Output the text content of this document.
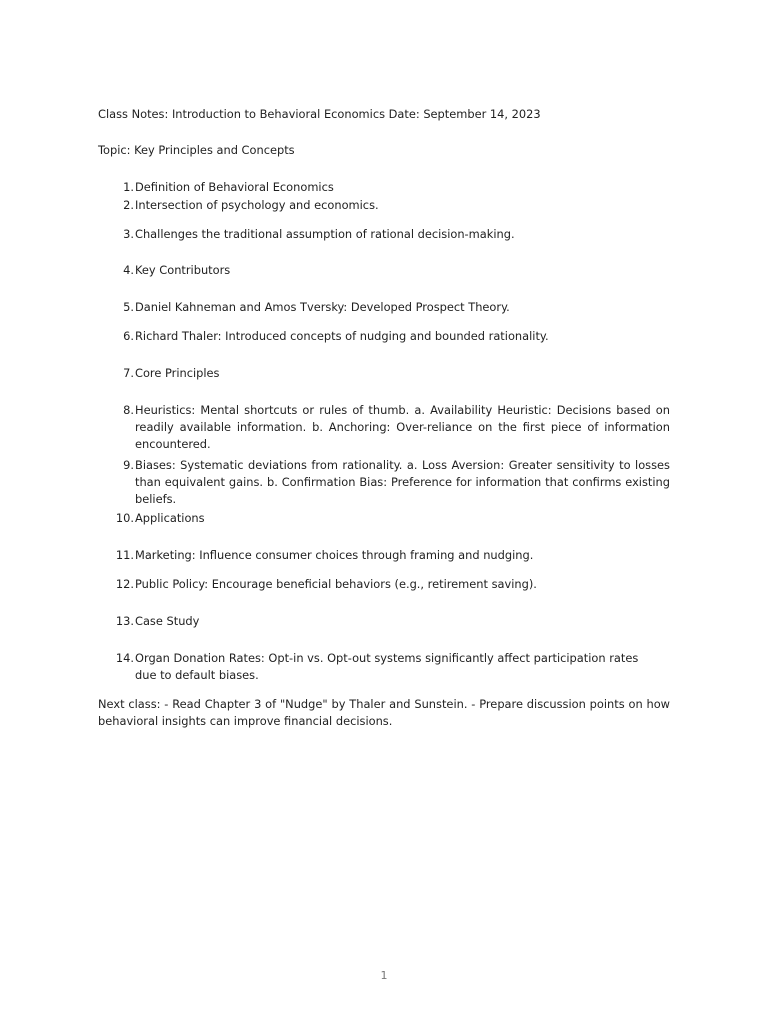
Class Notes: Introduction to Behavioral Economics Date: September 14, 2023

Topic: Key Principles and Concepts

1. Definition of Behavioral Economics
2. Intersection of psychology and economics.
3. Challenges the traditional assumption of rational decision-making.
4. Key Contributors
5. Daniel Kahneman and Amos Tversky: Developed Prospect Theory.
6. Richard Thaler: Introduced concepts of nudging and bounded rationality.
7. Core Principles
8. Heuristics: Mental shortcuts or rules of thumb. a. Availability Heuristic: Decisions based on readily available information. b. Anchoring: Over-reliance on the first piece of information encountered.
9. Biases: Systematic deviations from rationality. a. Loss Aversion: Greater sensitivity to losses than equivalent gains. b. Confirmation Bias: Preference for information that confirms existing beliefs.
10. Applications
11. Marketing: Influence consumer choices through framing and nudging.
12. Public Policy: Encourage beneficial behaviors (e.g., retirement saving).
13. Case Study
14. Organ Donation Rates: Opt-in vs. Opt-out systems significantly affect participation rates due to default biases.

Next class: - Read Chapter 3 of "Nudge" by Thaler and Sunstein. - Prepare discussion points on how behavioral insights can improve financial decisions.

1
